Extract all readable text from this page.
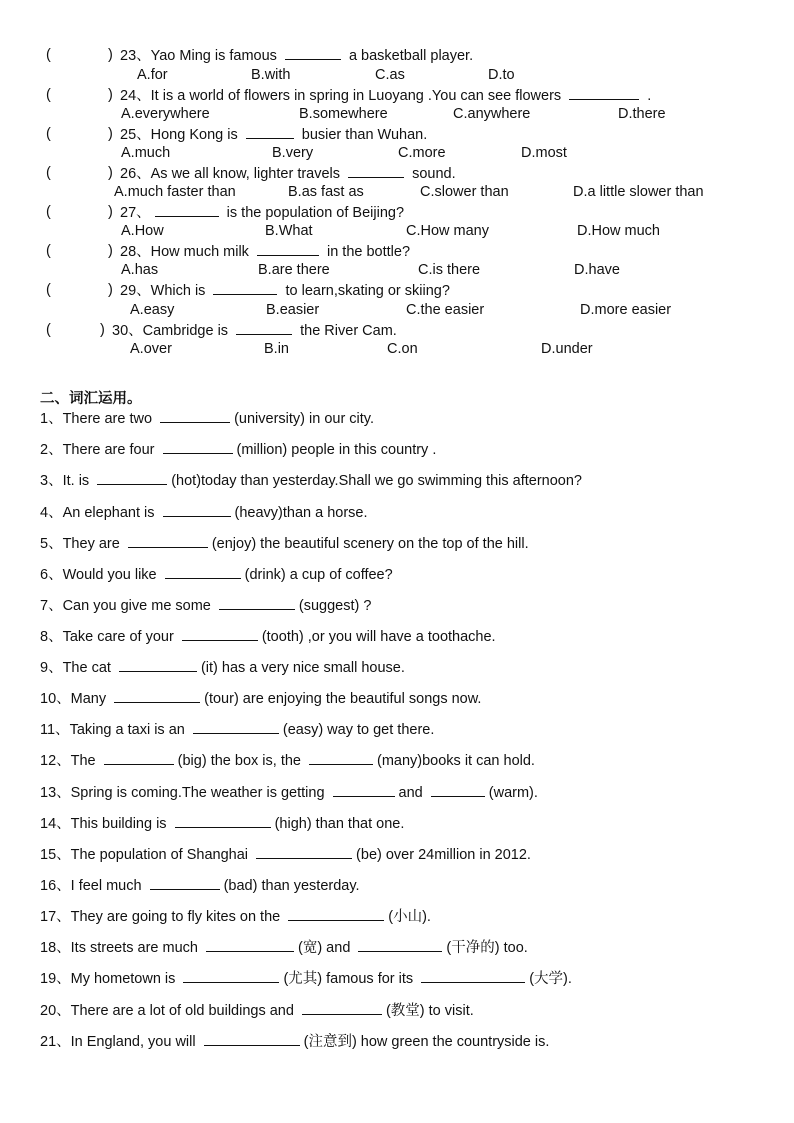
(	) 23、Yao Ming is famous	a basketball player.
A.for	B.with	C.as	D.to
(	) 24、It is a world of flowers in spring in Luoyang .You can see flowers	.
A.everywhere	B.somewhere	C.anywhere	D.there
(	) 25、Hong Kong is	busier than Wuhan.
A.much	B.very	C.more	D.most
(	) 26、As we all know, lighter travels	sound.
A.much faster than	B.as fast as	C.slower than	D.a little slower than
(	) 27、	is the population of Beijing?
A.How	B.What	C.How many	D.How much
(	) 28、How much milk	in the bottle?
A.has	B.are there	C.is there	D.have
(	) 29、Which is	to learn,skating or skiing?
A.easy	B.easier	C.the easier	D.more easier
(	) 30、Cambridge is	the River Cam.
A.over	B.in	C.on	D.under
二、词汇运用。
1、There are two	(university) in our city.
2、There are four	(million) people in this country .
3、It. is	(hot)today than yesterday.Shall we go swimming this afternoon?
4、An elephant is	(heavy)than a horse.
5、They are	(enjoy) the beautiful scenery on the top of the hill.
6、Would you like	(drink) a cup of coffee?
7、Can you give me some	(suggest) ?
8、Take care of your	(tooth) ,or you will have a toothache.
9、The cat	(it) has a very nice small house.
10、Many	(tour) are enjoying the beautiful songs now.
11、Taking a taxi is an	(easy) way to get there.
12、The	(big) the box is, the	(many)books it can hold.
13、Spring is coming.The weather is getting	and	(warm).
14、This building is	(high) than that one.
15、The population of Shanghai	(be) over 24million in 2012.
16、I feel much	(bad) than yesterday.
17、They are going to fly kites on the	(小山).
18、Its streets are much	(宽) and	(干净的) too.
19、My hometown is	(尤其) famous for its	(大学).
20、There are a lot of old buildings and	(教堂) to visit.
21、In England, you will	(注意到) how green the countryside is.
